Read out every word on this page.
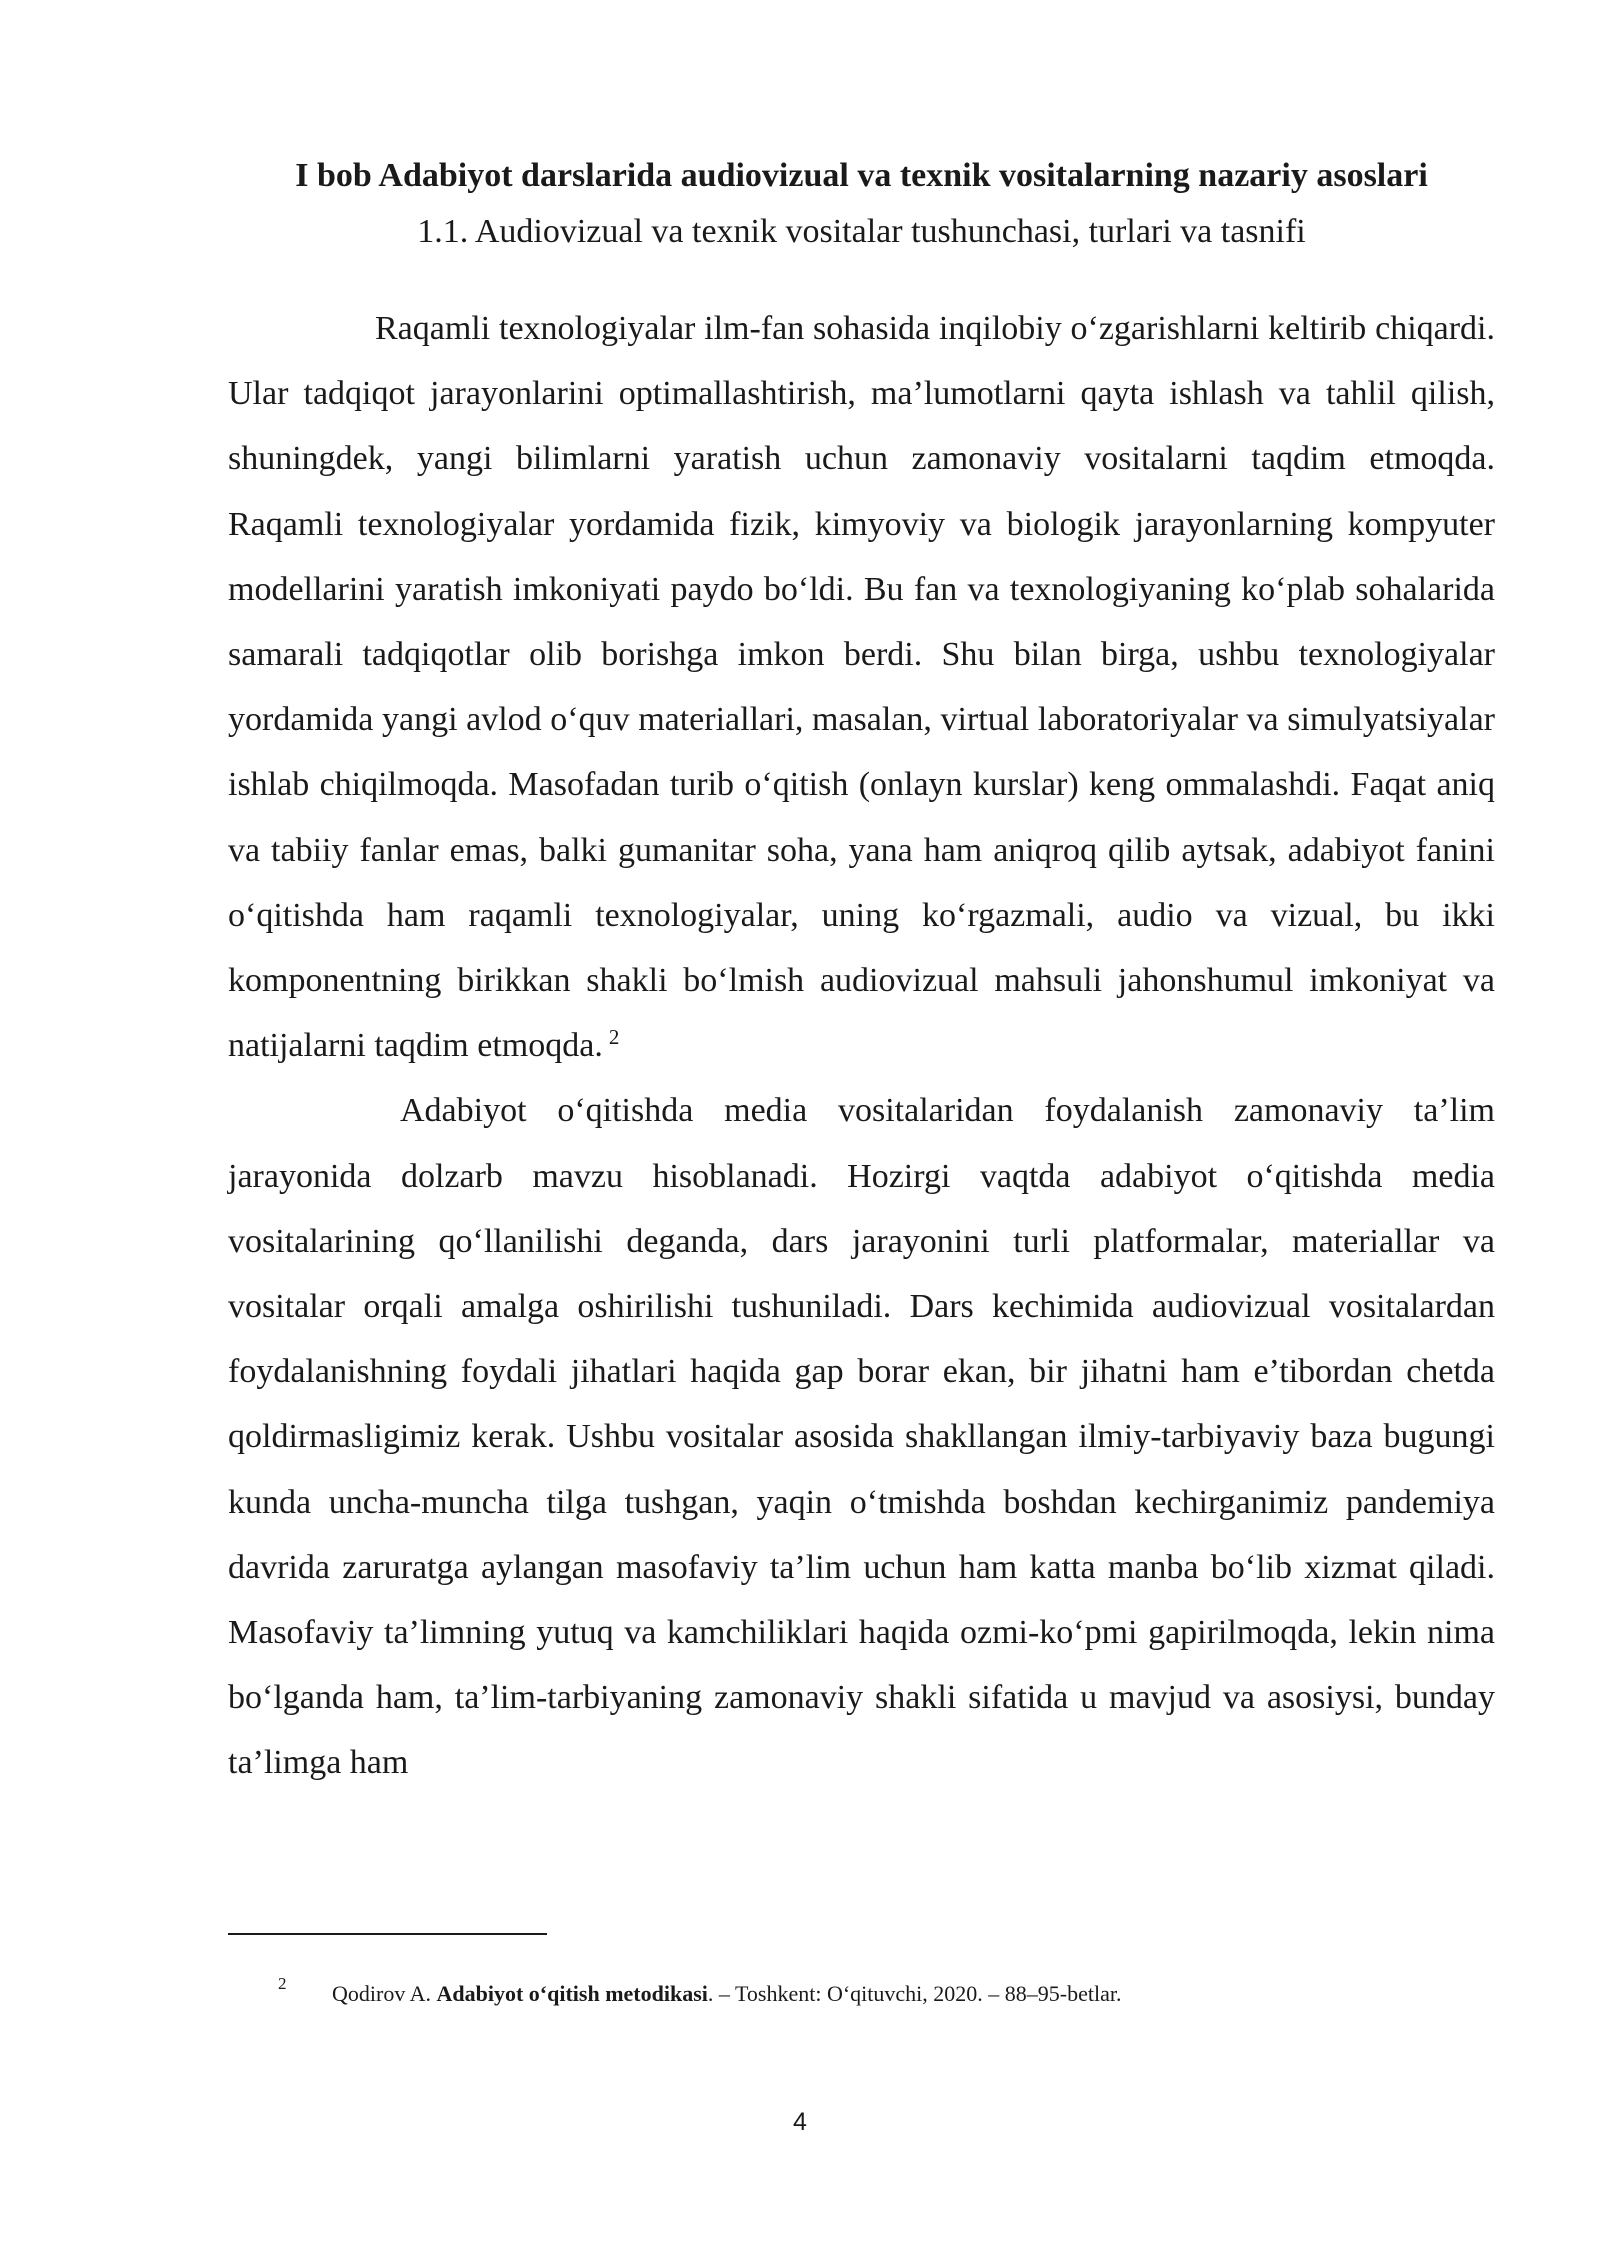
I bob Adabiyot darslarida audiovizual va texnik vositalarning nazariy asoslari
1.1. Audiovizual va texnik vositalar tushunchasi, turlari va tasnifi

Raqamli texnologiyalar ilm-fan sohasida inqilobiy o‘zgarishlarni keltirib chiqardi. Ular tadqiqot jarayonlarini optimallashtirish, ma’lumotlarni qayta ishlash va tahlil qilish, shuningdek, yangi bilimlarni yaratish uchun zamonaviy vositalarni taqdim etmoqda. Raqamli texnologiyalar yordamida fizik, kimyoviy va biologik jarayonlarning kompyuter modellarini yaratish imkoniyati paydo bo‘ldi. Bu fan va texnologiyaning ko‘plab sohalarida samarali tadqiqotlar olib borishga imkon berdi. Shu bilan birga, ushbu texnologiyalar yordamida yangi avlod o‘quv materiallari, masalan, virtual laboratoriyalar va simulyatsiyalar ishlab chiqilmoqda. Masofadan turib o‘qitish (onlayn kurslar) keng ommalashdi. Faqat aniq va tabiiy fanlar emas, balki gumanitar soha, yana ham aniqroq qilib aytsak, adabiyot fanini o‘qitishda ham raqamli texnologiyalar, uning ko‘rgazmali, audio va vizual, bu ikki komponentning birikkan shakli bo‘lmish audiovizual mahsuli jahonshumul imkoniyat va natijalarni taqdim etmoqda. $^2$

Adabiyot o‘qitishda media vositalaridan foydalanish zamonaviy ta’lim jarayonida dolzarb mavzu hisoblanadi. Hozirgi vaqtda adabiyot o‘qitishda media vositalarining qo‘llanilishi deganda, dars jarayonini turli platformalar, materiallar va vositalar orqali amalga oshirilishi tushuniladi. Dars kechimida audiovizual vositalardan foydalanishning foydali jihatlari haqida gap borar ekan, bir jihatni ham e’tibordan chetda qoldirmasligimiz kerak. Ushbu vositalar asosida shakllangan ilmiy-tarbiyaviy baza bugungi kunda uncha-muncha tilga tushgan, yaqin o‘tmishda boshdan kechirganimiz pandemiya davrida zaruratga aylangan masofaviy ta’lim uchun ham katta manba bo‘lib xizmat qiladi. Masofaviy ta’limning yutuq va kamchiliklari haqida ozmi-ko‘pmi gapirilmoqda, lekin nima bo‘lganda ham, ta’lim-tarbiyaning zamonaviy shakli sifatida u mavjud va asosiysi, bunday ta’limga ham

2 Qodirov A. Adabiyot o‘qitish metodikasi. – Toshkent: O‘qituvchi, 2020. – 88–95-betlar.
4
